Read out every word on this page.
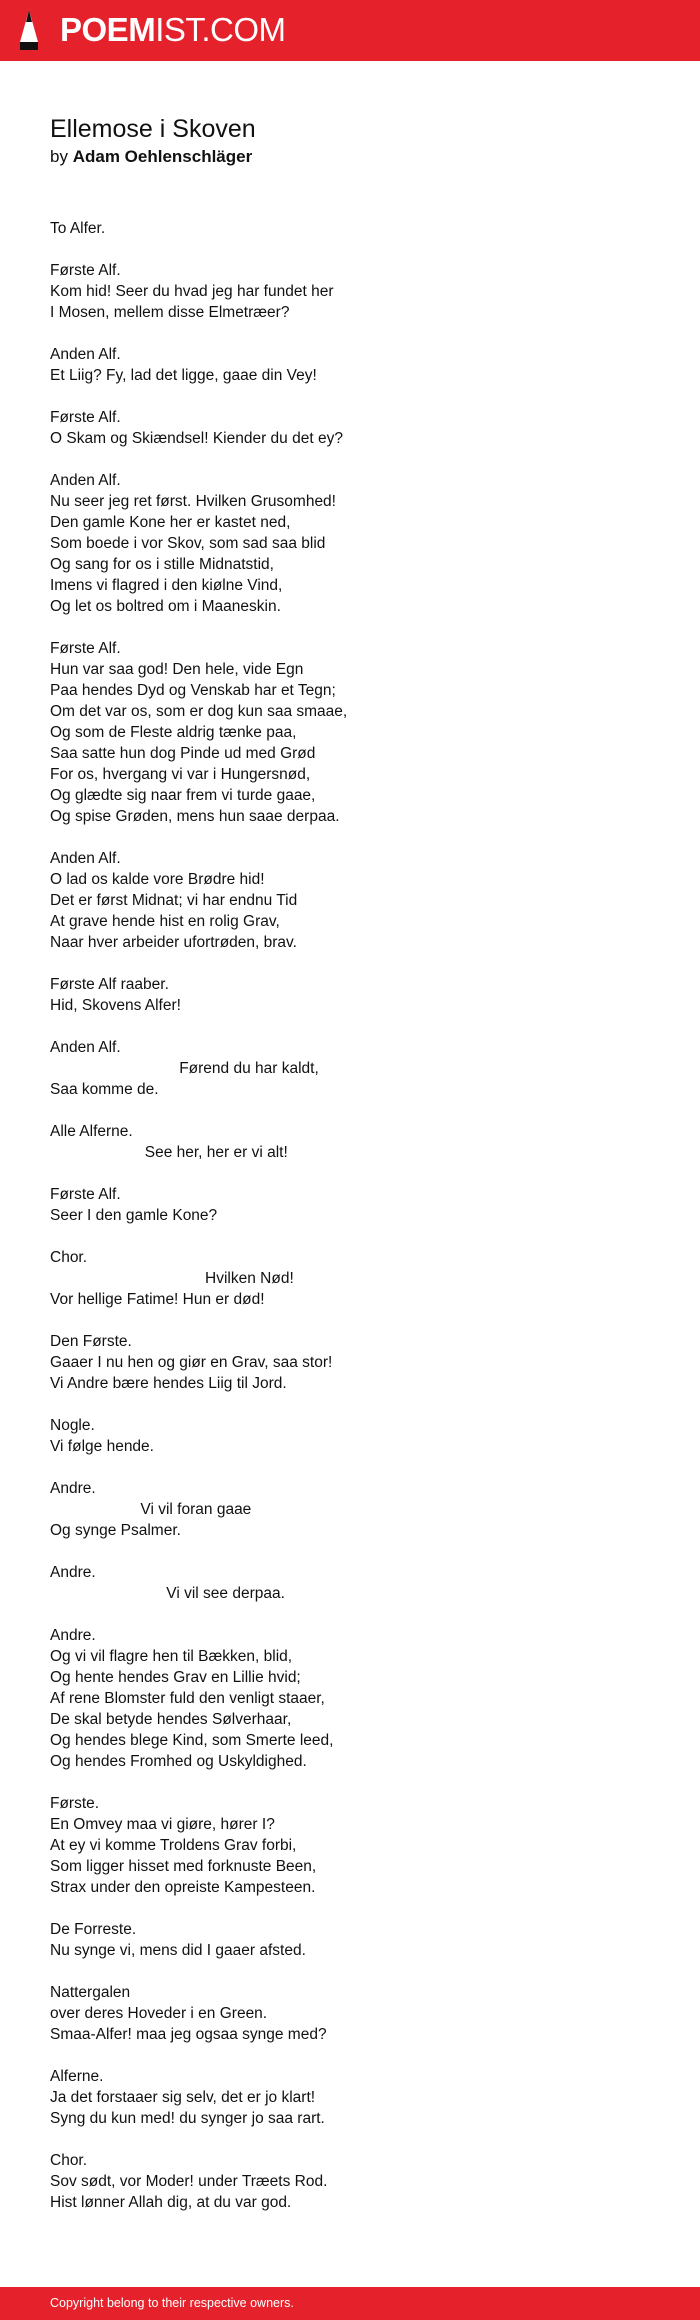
POEMIST.COM
Ellemose i Skoven
by Adam Oehlenschläger
To Alfer.
Første Alf.
Kom hid! Seer du hvad jeg har fundet her
I Mosen, mellem disse Elmetræer?
Anden Alf.
Et Liig? Fy, lad det ligge, gaae din Vey!
Første Alf.
O Skam og Skiændsel! Kiender du det ey?
Anden Alf.
Nu seer jeg ret først. Hvilken Grusomhed!
Den gamle Kone her er kastet ned,
Som boede i vor Skov, som sad saa blid
Og sang for os i stille Midnatstid,
Imens vi flagred i den kiølne Vind,
Og let os boltred om i Maaneskin.
Første Alf.
Hun var saa god! Den hele, vide Egn
Paa hendes Dyd og Venskab har et Tegn;
Om det var os, som er dog kun saa smaae,
Og som de Fleste aldrig tænke paa,
Saa satte hun dog Pinde ud med Grød
For os, hvergang vi var i Hungersnød,
Og glædte sig naar frem vi turde gaae,
Og spise Grøden, mens hun saae derpaa.
Anden Alf.
O lad os kalde vore Brødre hid!
Det er først Midnat; vi har endnu Tid
At grave hende hist en rolig Grav,
Naar hver arbeider ufortrøden, brav.
Første Alf raaber.
Hid, Skovens Alfer!
Anden Alf.
Førend du har kaldt,
Saa komme de.
Alle Alferne.
See her, her er vi alt!
Første Alf.
Seer I den gamle Kone?
Chor.
Hvilken Nød!
Vor hellige Fatime! Hun er død!
Den Første.
Gaaer I nu hen og giør en Grav, saa stor!
Vi Andre bære hendes Liig til Jord.
Nogle.
Vi følge hende.
Andre.
Vi vil foran gaae
Og synge Psalmer.
Andre.
Vi vil see derpaa.
Andre.
Og vi vil flagre hen til Bækken, blid,
Og hente hendes Grav en Lillie hvid;
Af rene Blomster fuld den venligt staaer,
De skal betyde hendes Sølverhaar,
Og hendes blege Kind, som Smerte leed,
Og hendes Fromhed og Uskyldighed.
Første.
En Omvey maa vi giøre, hører I?
At ey vi komme Troldens Grav forbi,
Som ligger hisset med forknuste Been,
Strax under den opreiste Kampesteen.
De Forreste.
Nu synge vi, mens did I gaaer afsted.
Nattergalen
over deres Hoveder i en Green.
Smaa-Alfer! maa jeg ogsaa synge med?
Alferne.
Ja det forstaaer sig selv, det er jo klart!
Syng du kun med! du synger jo saa rart.
Chor.
Sov sødt, vor Moder! under Træets Rod.
Hist lønner Allah dig, at du var god.
Copyright belong to their respective owners.
